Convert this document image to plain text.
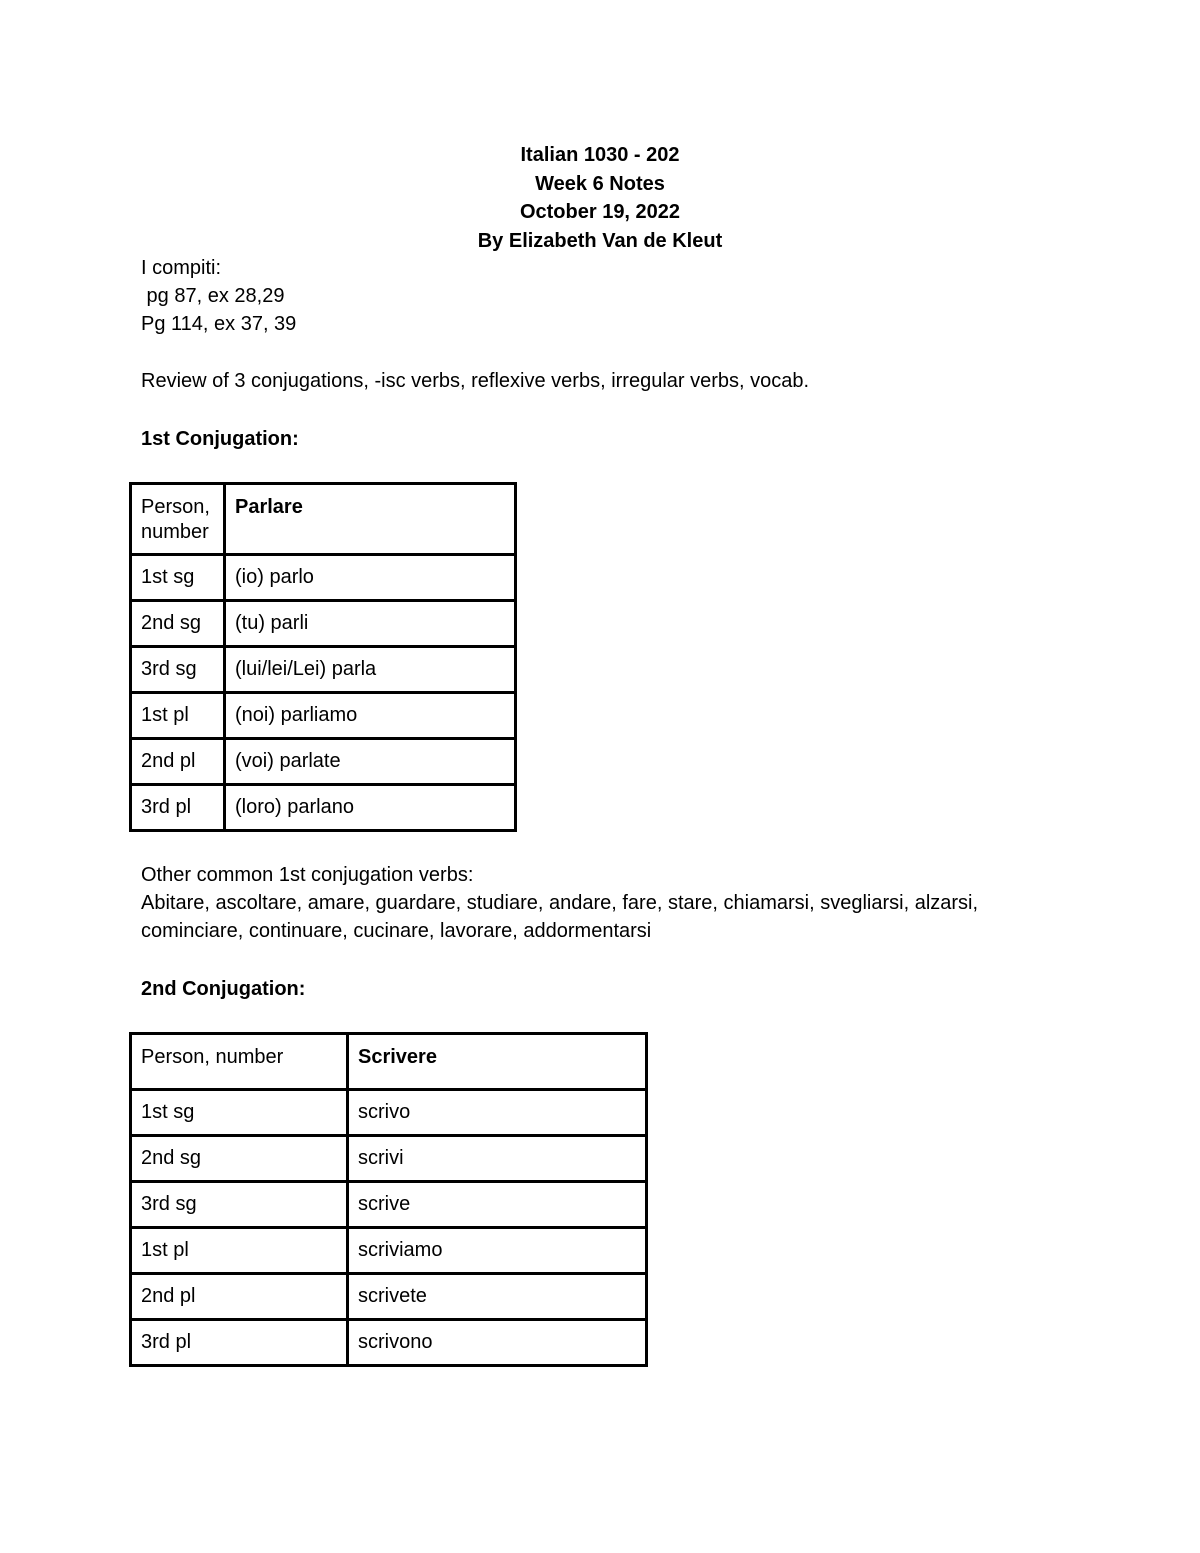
Italian 1030 - 202
Week 6 Notes
October 19, 2022
By Elizabeth Van de Kleut
I compiti:
pg 87, ex 28,29
Pg 114, ex 37, 39
Review of 3 conjugations, -isc verbs, reflexive verbs, irregular verbs, vocab.
1st Conjugation:
Person, number	Parlare
1st sg	(io) parlo
2nd sg	(tu) parli
3rd sg	(lui/lei/Lei) parla
1st pl	(noi) parliamo
2nd pl	(voi) parlate
3rd pl	(loro) parlano
Other common 1st conjugation verbs:
Abitare, ascoltare, amare, guardare, studiare, andare, fare, stare, chiamarsi, svegliarsi, alzarsi,
cominciare, continuare, cucinare, lavorare, addormentarsi
2nd Conjugation:
Person, number	Scrivere
1st sg	scrivo
2nd sg	scrivi
3rd sg	scrive
1st pl	scriviamo
2nd pl	scrivete
3rd pl	scrivono
